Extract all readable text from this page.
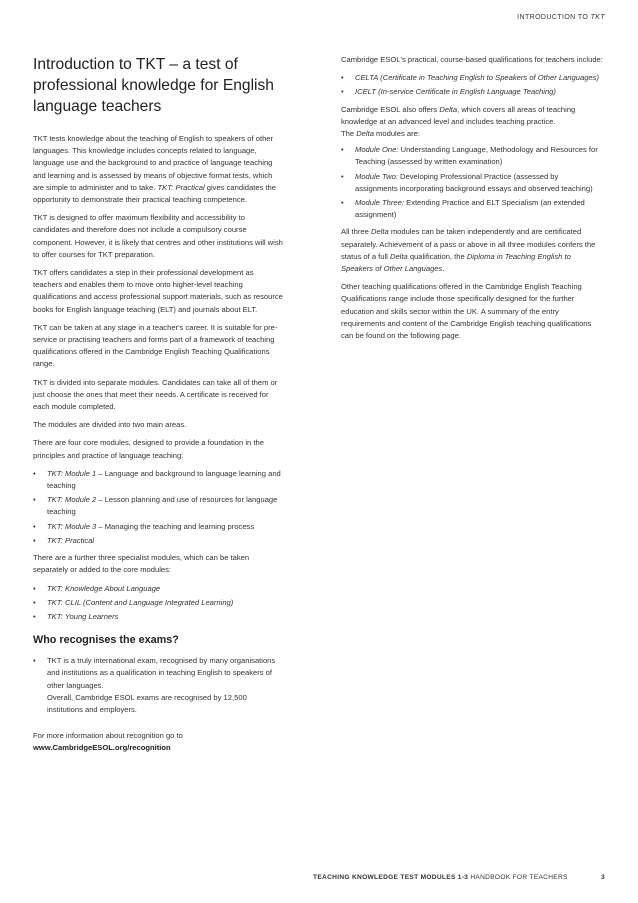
INTRODUCTION TO TKT
Introduction to TKT – a test of professional knowledge for English language teachers

TKT tests knowledge about the teaching of English to speakers of other languages. This knowledge includes concepts related to language, language use and the background to and practice of language teaching and learning and is assessed by means of objective format tests, which are simple to administer and to take. TKT: Practical gives candidates the opportunity to demonstrate their practical teaching competence.

TKT is designed to offer maximum flexibility and accessibility to candidates and therefore does not include a compulsory course component. However, it is likely that centres and other institutions will wish to offer courses for TKT preparation.

TKT offers candidates a step in their professional development as teachers and enables them to move onto higher-level teaching qualifications and access professional support materials, such as resource books for English language teaching (ELT) and journals about ELT.

TKT can be taken at any stage in a teacher's career. It is suitable for pre-service or practising teachers and forms part of a framework of teaching qualifications offered in the Cambridge English Teaching Qualifications range.

TKT is divided into separate modules. Candidates can take all of them or just choose the ones that meet their needs. A certificate is received for each module completed.

The modules are divided into two main areas.

There are four core modules, designed to provide a foundation in the principles and practice of language teaching:

• TKT: Module 1 – Language and background to language learning and teaching
• TKT: Module 2 – Lesson planning and use of resources for language teaching
• TKT: Module 3 – Managing the teaching and learning process
• TKT: Practical

There are a further three specialist modules, which can be taken separately or added to the core modules:

• TKT: Knowledge About Language
• TKT: CLIL (Content and Language Integrated Learning)
• TKT: Young Learners
Who recognises the exams?
• TKT is a truly international exam, recognised by many organisations and institutions as a qualification in teaching English to speakers of other languages.
Overall, Cambridge ESOL exams are recognised by 12,500 institutions and employers.

For more information about recognition go to

www.CambridgeESOL.org/recognition

Cambridge ESOL's practical, course-based qualifications for teachers include:

• CELTA (Certificate in Teaching English to Speakers of Other Languages)
• ICELT (In-service Certificate in English Language Teaching)

Cambridge ESOL also offers Delta, which covers all areas of teaching knowledge at an advanced level and includes teaching practice.
The Delta modules are:

• Module One: Understanding Language, Methodology and Resources for Teaching (assessed by written examination)
• Module Two: Developing Professional Practice (assessed by assignments incorporating background essays and observed teaching)
• Module Three: Extending Practice and ELT Specialism (an extended assignment)

All three Delta modules can be taken independently and are certificated separately. Achievement of a pass or above in all three modules confers the status of a full Delta qualification, the Diploma in Teaching English to Speakers of Other Languages.

Other teaching qualifications offered in the Cambridge English Teaching Qualifications range include those specifically designed for the further education and skills sector within the UK. A summary of the entry requirements and content of the Cambridge English teaching qualifications can be found on the following page.

TEACHING KNOWLEDGE TEST MODULES 1-3 HANDBOOK FOR TEACHERS	3
